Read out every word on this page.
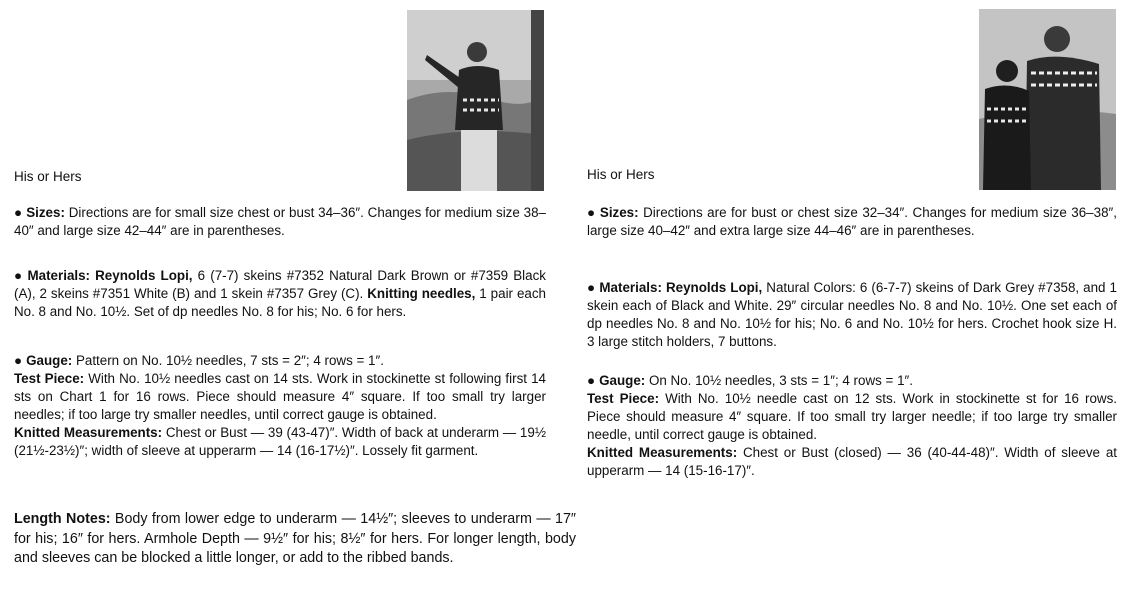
His or Hers

● Sizes: Directions are for small size chest or bust 34–36″. Changes for medium size 38–40″ and large size 42–44″ are in parentheses.

● Materials: Reynolds Lopi, 6 (7-7) skeins #7352 Natural Dark Brown or #7359 Black (A), 2 skeins #7351 White (B) and 1 skein #7357 Grey (C). Knitting needles, 1 pair each No. 8 and No. 10½. Set of dp needles No. 8 for his; No. 6 for hers.

● Gauge: Pattern on No. 10½ needles, 7 sts = 2″; 4 rows = 1″.
Test Piece: With No. 10½ needles cast on 14 sts. Work in stockinette st following first 14 sts on Chart 1 for 16 rows. Piece should measure 4″ square. If too small try larger needles; if too large try smaller needles, until correct gauge is obtained.
Knitted Measurements: Chest or Bust — 39 (43-47)″. Width of back at underarm — 19½ (21½-23½)″; width of sleeve at upperarm — 14 (16-17½)″. Lossely fit garment.

Length Notes: Body from lower edge to underarm — 14½″; sleeves to underarm — 17″ for his; 16″ for hers. Armhole Depth — 9½″ for his; 8½″ for hers. For longer length, body and sleeves can be blocked a little longer, or add to the ribbed bands.

His or Hers

● Sizes: Directions are for bust or chest size 32–34″. Changes for medium size 36–38″, large size 40–42″ and extra large size 44–46″ are in parentheses.

● Materials: Reynolds Lopi, Natural Colors: 6 (6-7-7) skeins of Dark Grey #7358, and 1 skein each of Black and White. 29″ circular needles No. 8 and No. 10½. One set each of dp needles No. 8 and No. 10½ for his; No. 6 and No. 10½ for hers. Crochet hook size H. 3 large stitch holders, 7 buttons.

● Gauge: On No. 10½ needles, 3 sts = 1″; 4 rows = 1″.
Test Piece: With No. 10½ needle cast on 12 sts. Work in stockinette st for 16 rows. Piece should measure 4″ square. If too small try larger needle; if too large try smaller needle, until correct gauge is obtained.
Knitted Measurements: Chest or Bust (closed) — 36 (40-44-48)″. Width of sleeve at upperarm — 14 (15-16-17)″.
